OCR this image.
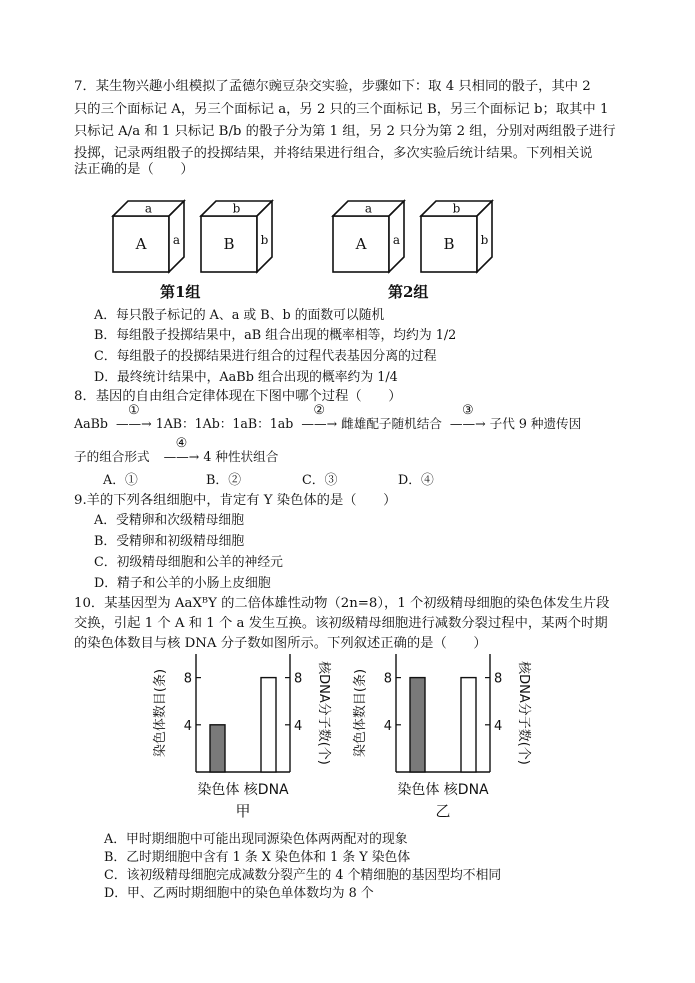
7．某生物兴趣小组模拟了孟德尔豌豆杂交实验，步骤如下：取 4 只相同的骰子，其中 2
只的三个面标记 A，另三个面标记 a，另 2 只的三个面标记 B，另三个面标记 b；取其中 1
只标记 A/a 和 1 只标记 B/b 的骰子分为第 1 组，另 2 只分为第 2 组，分别对两组骰子进行
投掷，记录两组骰子的投掷结果，并将结果进行组合，多次实验后统计结果。下列相关说
法正确的是（　　）
A
a
a	B
b
b	A
a
a	B
b
b
第1组	第2组
A．每只骰子标记的 A、a 或 B、b 的面数可以随机
B．每组骰子投掷结果中，aB 组合出现的概率相等，均约为 1/2
C．每组骰子的投掷结果进行组合的过程代表基因分离的过程
D．最终统计结果中，AaBb 组合出现的概率约为 1/4
8．基因的自由组合定律体现在下图中哪个过程（　　）
AaBb
①
——→ 1AB：1Ab：1aB：1ab
②
——→ 雌雄配子随机结合
③
——→ 子代 9 种遗传因
子的组合形式
④
——→ 4 种性状组合
A．①	B．②	C．③	D．④
9.羊的下列各组细胞中，肯定有 Y 染色体的是（　　）
A．受精卵和次级精母细胞
B．受精卵和初级精母细胞
C．初级精母细胞和公羊的神经元
D．精子和公羊的小肠上皮细胞
10．某基因型为 AaXᴮY 的二倍体雄性动物（2n=8），1 个初级精母细胞的染色体发生片段
交换，引起 1 个 A 和 1 个 a 发生互换。该初级精母细胞进行减数分裂过程中，某两个时期
的染色体数目与核 DNA 分子数如图所示。下列叙述正确的是（　　）
4	4
8	8
染色体数目(条)	核DNA分子数(个)
染色体 核DNA
甲
4	4
8	8
染色体数目(条)	核DNA分子数(个)
染色体 核DNA
乙
A．甲时期细胞中可能出现同源染色体两两配对的现象
B．乙时期细胞中含有 1 条 X 染色体和 1 条 Y 染色体
C．该初级精母细胞完成减数分裂产生的 4 个精细胞的基因型均不相同
D．甲、乙两时期细胞中的染色单体数均为 8 个
